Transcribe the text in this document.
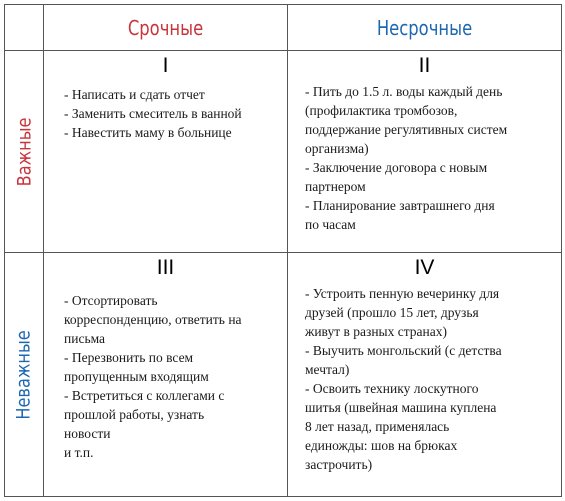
Срочные	Несрочные
Важные
I
- Написать и сдать отчет
- Заменить смеситель в ванной
- Навестить маму в больнице
II
- Пить до 1.5 л. воды каждый день
(профилактика тромбозов,
поддержание регулятивных систем
организма)
- Заключение договора с новым
партнером
- Планирование завтрашнего дня
по часам
Неважные
III
- Отсортировать
корреспонденцию, ответить на
письма
- Перезвонить по всем
пропущенным входящим
- Встретиться с коллегами с
прошлой работы, узнать
новости
и т.п.
IV
- Устроить пенную вечеринку для
друзей (прошло 15 лет, друзья
живут в разных странах)
- Выучить монгольский (с детства
мечтал)
- Освоить технику лоскутного
шитья (швейная машина куплена
8 лет назад, применялась
единожды: шов на брюках
застрочить)
